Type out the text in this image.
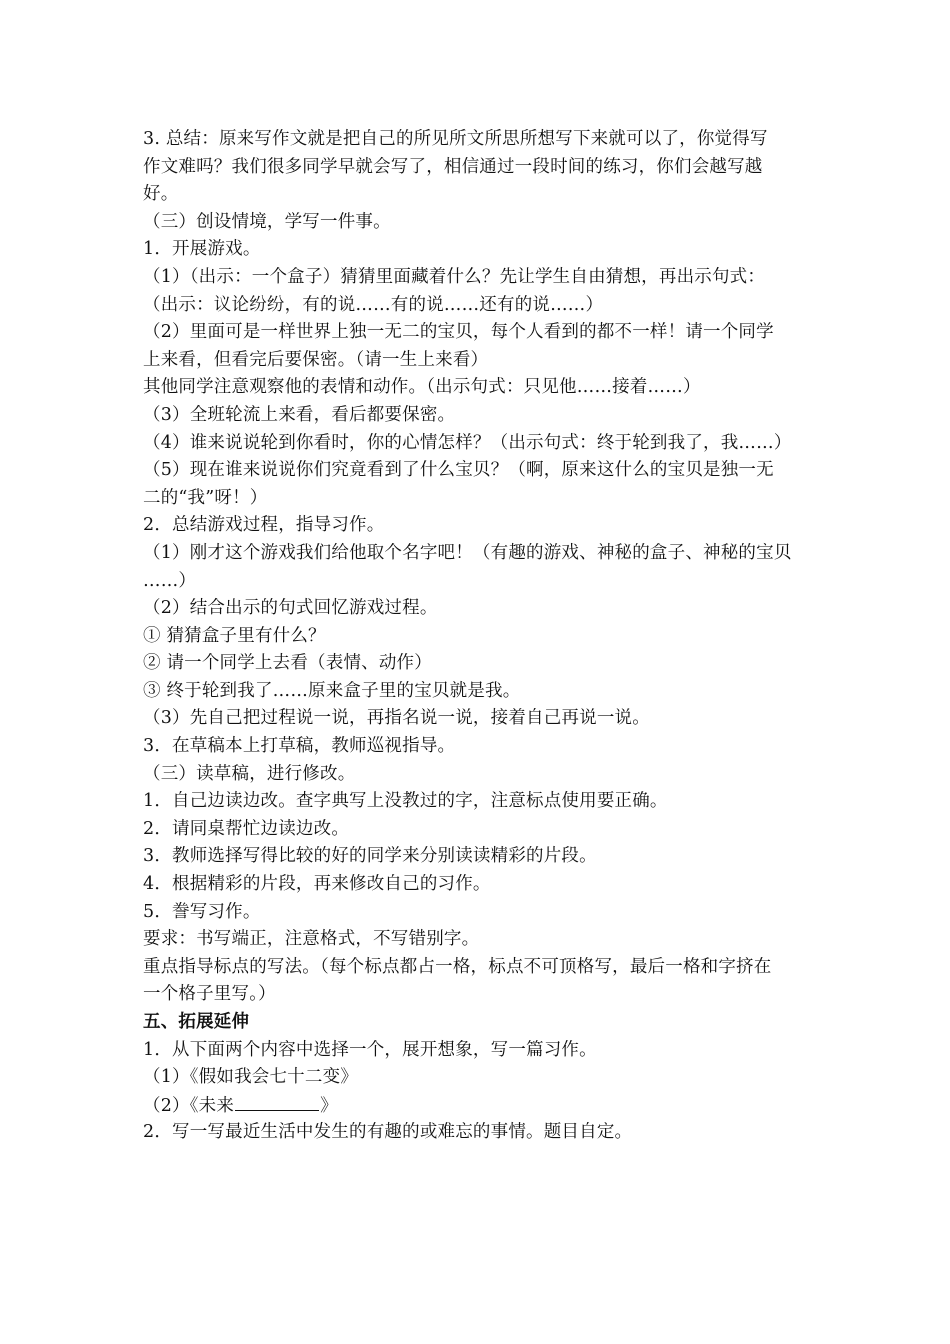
3. 总结：原来写作文就是把自己的所见所文所思所想写下来就可以了，你觉得写
作文难吗？我们很多同学早就会写了，相信通过一段时间的练习，你们会越写越
好。
（三）创设情境，学写一件事。
1．开展游戏。
（1）（出示：一个盒子）猜猜里面藏着什么？先让学生自由猜想，再出示句式：
（出示：议论纷纷，有的说……有的说……还有的说……）
（2）里面可是一样世界上独一无二的宝贝，每个人看到的都不一样！请一个同学
上来看，但看完后要保密。（请一生上来看）
其他同学注意观察他的表情和动作。（出示句式：只见他……接着……）
（3）全班轮流上来看，看后都要保密。
（4）谁来说说轮到你看时，你的心情怎样？（出示句式：终于轮到我了，我……）
（5）现在谁来说说你们究竟看到了什么宝贝？（啊，原来这什么的宝贝是独一无
二的“我”呀！）
2．总结游戏过程，指导习作。
（1）刚才这个游戏我们给他取个名字吧！（有趣的游戏、神秘的盒子、神秘的宝贝
……）
（2）结合出示的句式回忆游戏过程。
① 猜猜盒子里有什么？
② 请一个同学上去看（表情、动作）
③ 终于轮到我了……原来盒子里的宝贝就是我。
（3）先自己把过程说一说，再指名说一说，接着自己再说一说。
3．在草稿本上打草稿，教师巡视指导。
（三）读草稿，进行修改。
1．自己边读边改。查字典写上没教过的字，注意标点使用要正确。
2．请同桌帮忙边读边改。
3．教师选择写得比较的好的同学来分别读读精彩的片段。
4．根据精彩的片段，再来修改自己的习作。
5．誊写习作。
要求：书写端正，注意格式，不写错别字。
重点指导标点的写法。（每个标点都占一格，标点不可顶格写，最后一格和字挤在
一个格子里写。）
五、拓展延伸
1．从下面两个内容中选择一个，展开想象，写一篇习作。
（1）《假如我会七十二变》
（2）《未来	》
2．写一写最近生活中发生的有趣的或难忘的事情。题目自定。
